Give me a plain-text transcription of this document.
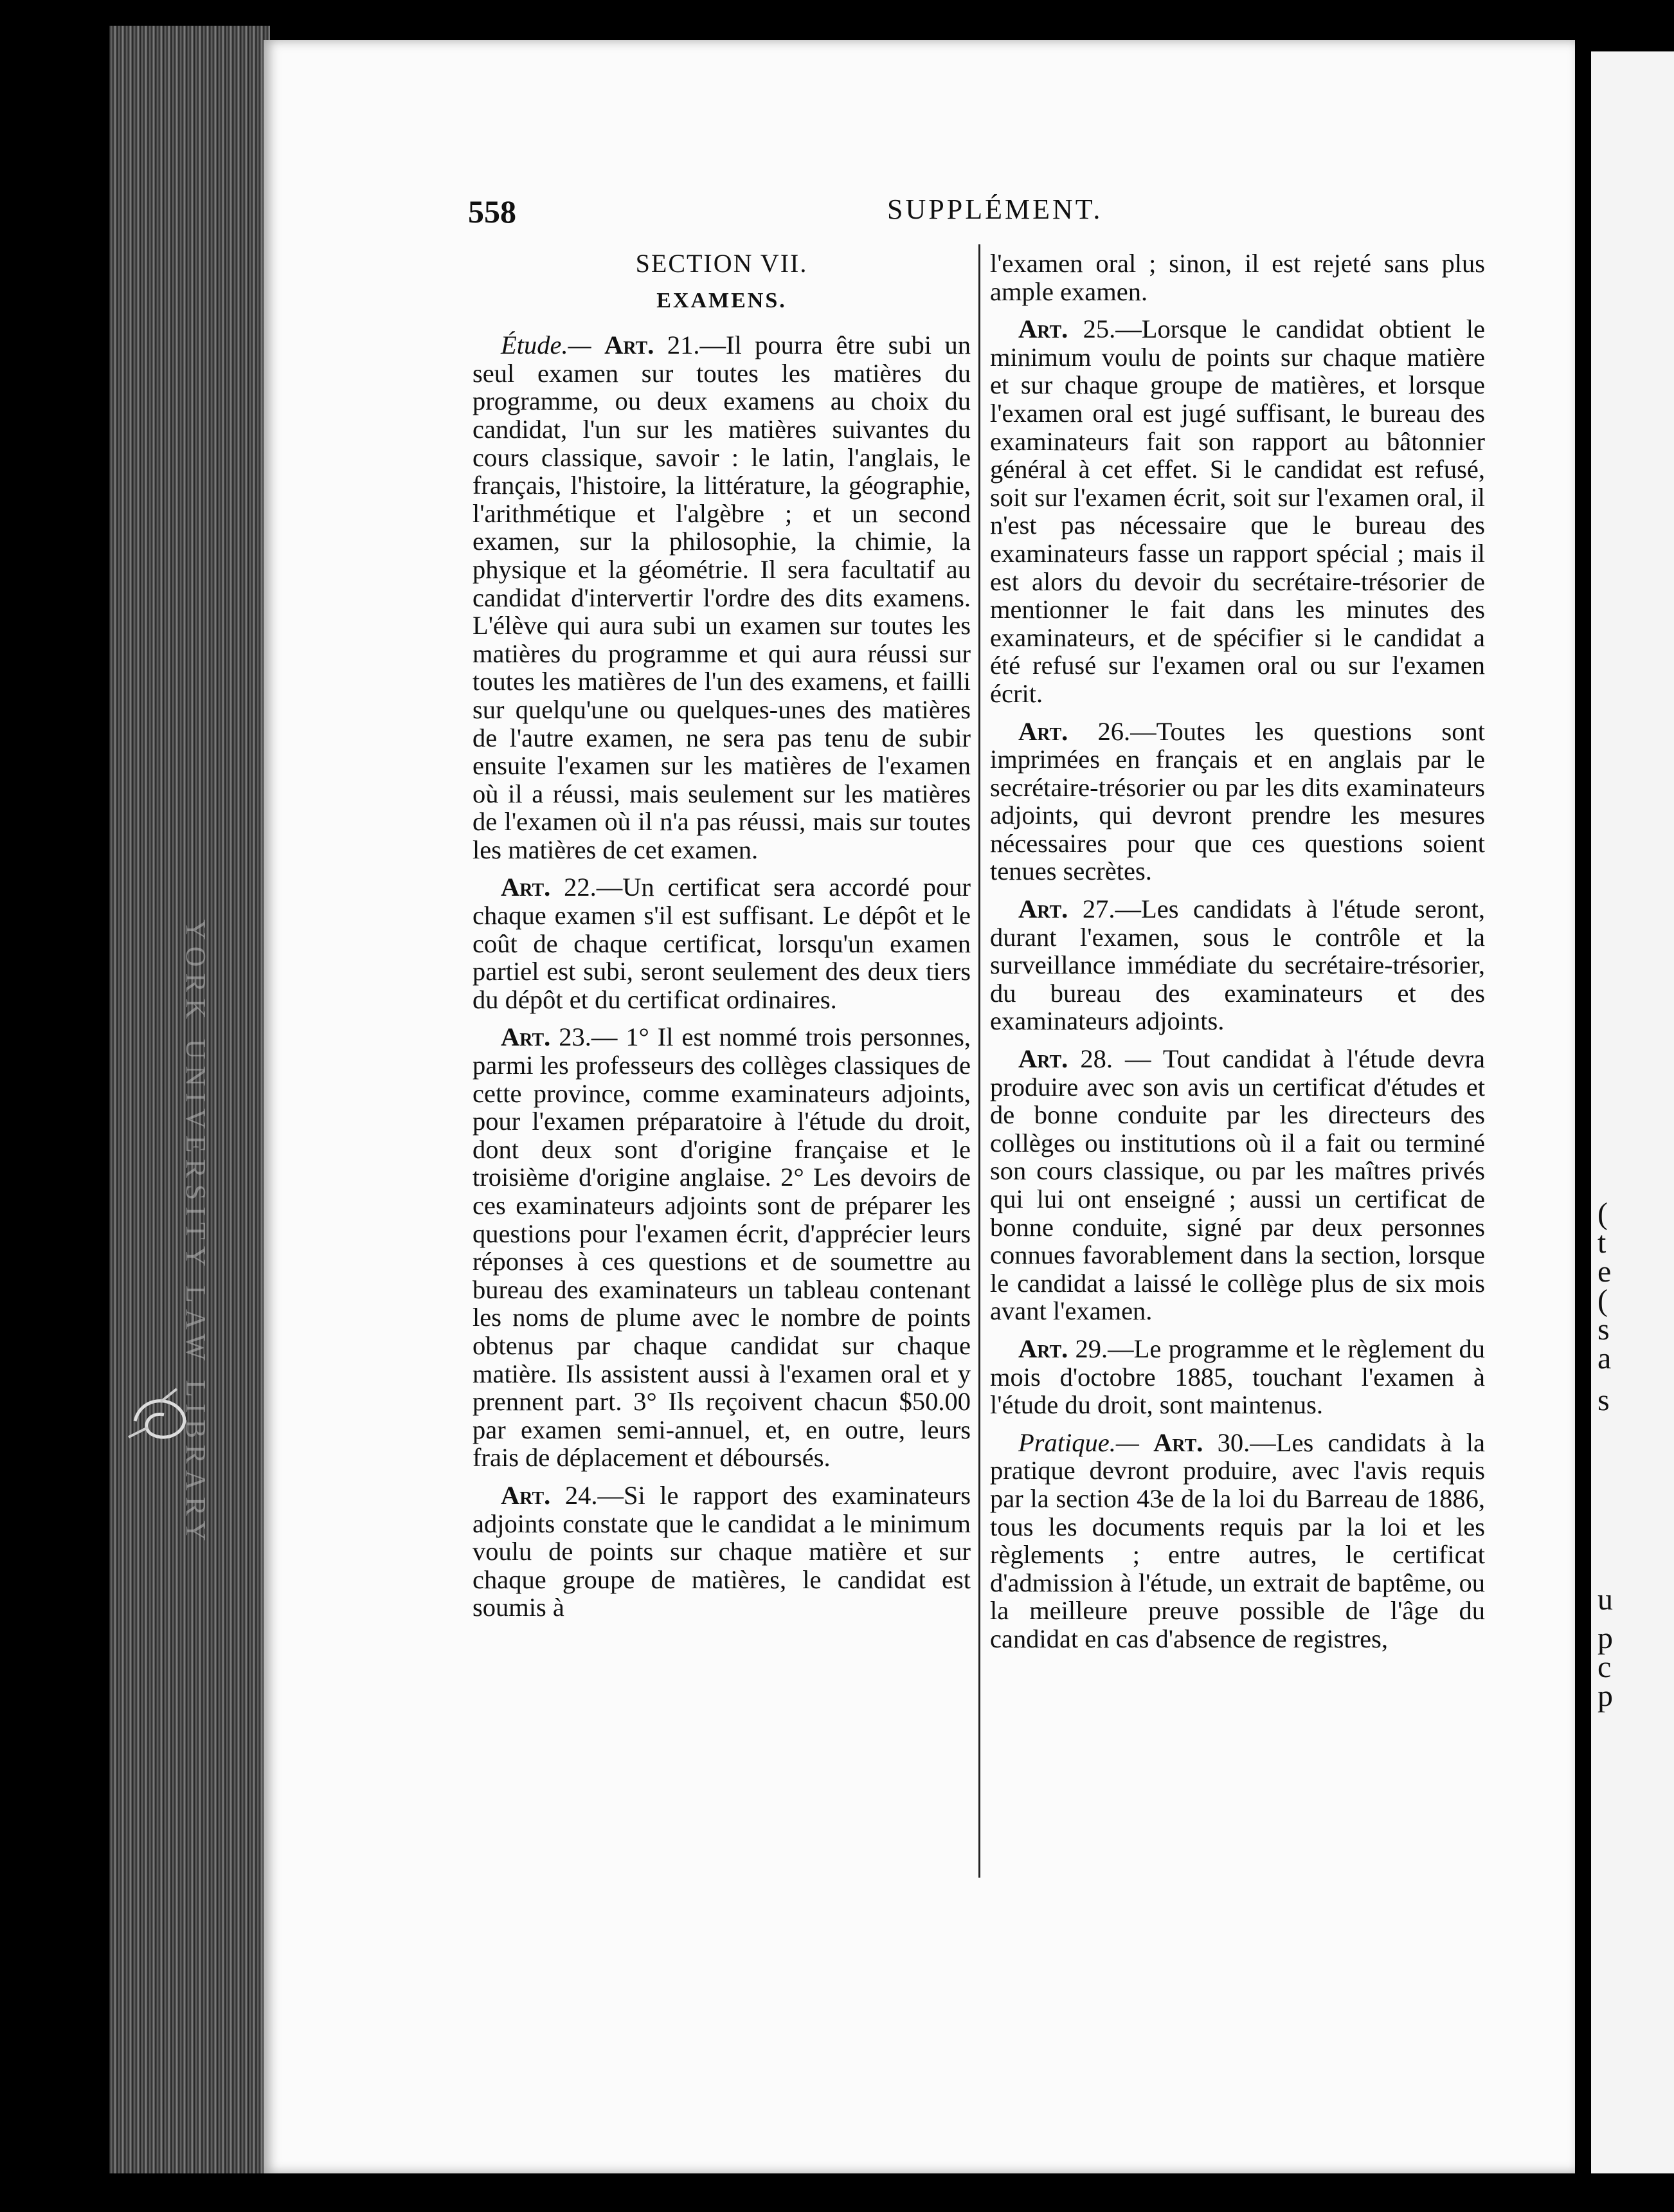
YORK UNIVERSITY LAW LIBRARY	(
t
e
(
s
a
s
u
p
c
p
558	SUPPLÉMENT.
SECTION VII.
EXAMENS.

Étude.— Art. 21.—Il pourra être subi un seul examen sur toutes les matières du programme, ou deux examens au choix du candidat, l'un sur les matières suivantes du cours classique, savoir : le latin, l'anglais, le français, l'histoire, la littérature, la géographie, l'arithmétique et l'algèbre ; et un second examen, sur la philosophie, la chimie, la physique et la géométrie. Il sera facultatif au candidat d'intervertir l'ordre des dits examens. L'élève qui aura subi un examen sur toutes les matières du programme et qui aura réussi sur toutes les matières de l'un des examens, et failli sur quelqu'une ou quelques-unes des matières de l'autre examen, ne sera pas tenu de subir ensuite l'examen sur les matières de l'examen où il a réussi, mais seulement sur les matières de l'examen où il n'a pas réussi, mais sur toutes les matières de cet examen.

Art. 22.—Un certificat sera accordé pour chaque examen s'il est suffisant. Le dépôt et le coût de chaque certificat, lorsqu'un examen partiel est subi, seront seulement des deux tiers du dépôt et du certificat ordinaires.

Art. 23.— 1° Il est nommé trois personnes, parmi les professeurs des collèges classiques de cette province, comme examinateurs adjoints, pour l'examen préparatoire à l'étude du droit, dont deux sont d'origine française et le troisième d'origine anglaise. 2° Les devoirs de ces examinateurs adjoints sont de préparer les questions pour l'examen écrit, d'apprécier leurs réponses à ces questions et de soumettre au bureau des examinateurs un tableau contenant les noms de plume avec le nombre de points obtenus par chaque candidat sur chaque matière. Ils assistent aussi à l'examen oral et y prennent part. 3° Ils reçoivent chacun $50.00 par examen semi-annuel, et, en outre, leurs frais de déplacement et déboursés.

Art. 24.—Si le rapport des examinateurs adjoints constate que le candidat a le minimum voulu de points sur chaque matière et sur chaque groupe de matières, le candidat est soumis à

l'examen oral ; sinon, il est rejeté sans plus ample examen.

Art. 25.—Lorsque le candidat obtient le minimum voulu de points sur chaque matière et sur chaque groupe de matières, et lorsque l'examen oral est jugé suffisant, le bureau des examinateurs fait son rapport au bâtonnier général à cet effet. Si le candidat est refusé, soit sur l'examen écrit, soit sur l'examen oral, il n'est pas nécessaire que le bureau des examinateurs fasse un rapport spécial ; mais il est alors du devoir du secrétaire-trésorier de mentionner le fait dans les minutes des examinateurs, et de spécifier si le candidat a été refusé sur l'examen oral ou sur l'examen écrit.

Art. 26.—Toutes les questions sont imprimées en français et en anglais par le secrétaire-trésorier ou par les dits examinateurs adjoints, qui devront prendre les mesures nécessaires pour que ces questions soient tenues secrètes.

Art. 27.—Les candidats à l'étude seront, durant l'examen, sous le contrôle et la surveillance immédiate du secrétaire-trésorier, du bureau des examinateurs et des examinateurs adjoints.

Art. 28. — Tout candidat à l'étude devra produire avec son avis un certificat d'études et de bonne conduite par les directeurs des collèges ou institutions où il a fait ou terminé son cours classique, ou par les maîtres privés qui lui ont enseigné ; aussi un certificat de bonne conduite, signé par deux personnes connues favorablement dans la section, lorsque le candidat a laissé le collège plus de six mois avant l'examen.

Art. 29.—Le programme et le règlement du mois d'octobre 1885, touchant l'examen à l'étude du droit, sont maintenus.

Pratique.— Art. 30.—Les candidats à la pratique devront produire, avec l'avis requis par la section 43e de la loi du Barreau de 1886, tous les documents requis par la loi et les règlements ; entre autres, le certificat d'admission à l'étude, un extrait de baptême, ou la meilleure preuve possible de l'âge du candidat en cas d'absence de registres,
